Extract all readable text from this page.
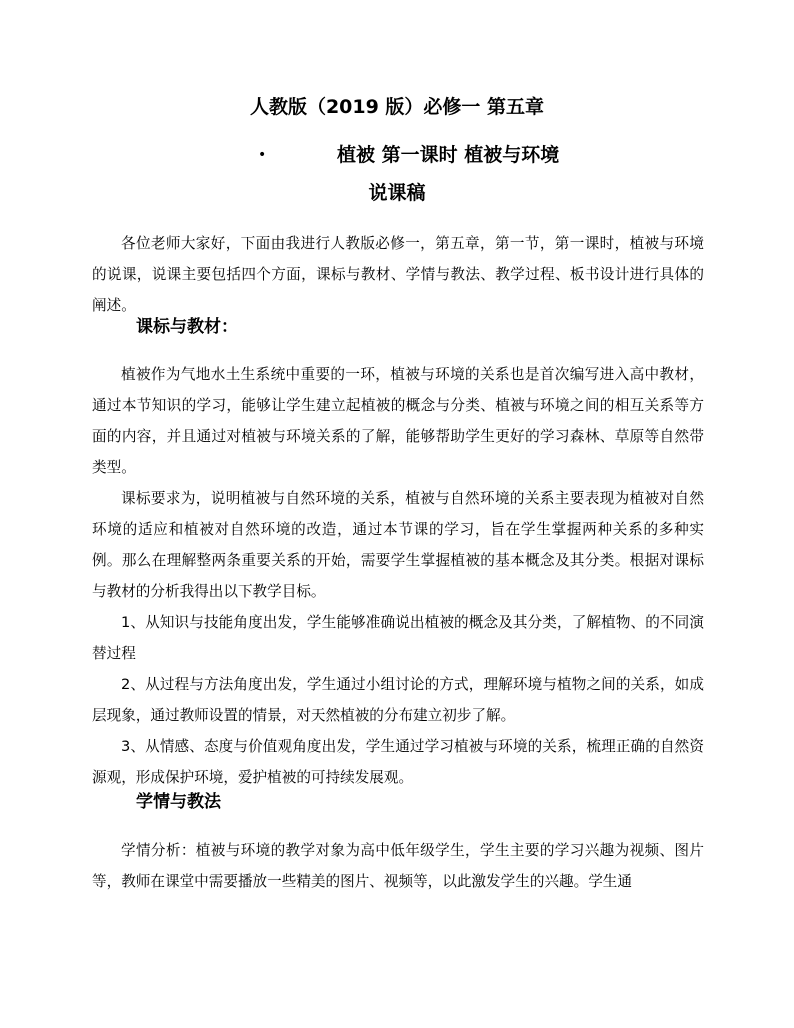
人教版（2019 版）必修一 第五章
•	植被 第一课时 植被与环境
说课稿

各位老师大家好，下面由我进行人教版必修一，第五章，第一节，第一课时，植被与环境的说课，说课主要包括四个方面，课标与教材、学情与教法、教学过程、板书设计进行具体的阐述。

课标与教材：

植被作为气地水土生系统中重要的一环，植被与环境的关系也是首次编写进入高中教材，通过本节知识的学习，能够让学生建立起植被的概念与分类、植被与环境之间的相互关系等方面的内容，并且通过对植被与环境关系的了解，能够帮助学生更好的学习森林、草原等自然带类型。

课标要求为，说明植被与自然环境的关系，植被与自然环境的关系主要表现为植被对自然环境的适应和植被对自然环境的改造，通过本节课的学习，旨在学生掌握两种关系的多种实例。那么在理解整两条重要关系的开始，需要学生掌握植被的基本概念及其分类。根据对课标与教材的分析我得出以下教学目标。

1、从知识与技能角度出发，学生能够准确说出植被的概念及其分类，了解植物、的不同演替过程

2、从过程与方法角度出发，学生通过小组讨论的方式，理解环境与植物之间的关系，如成层现象，通过教师设置的情景，对天然植被的分布建立初步了解。

3、从情感、态度与价值观角度出发，学生通过学习植被与环境的关系，梳理正确的自然资源观，形成保护环境，爱护植被的可持续发展观。

学情与教法

学情分析：植被与环境的教学对象为高中低年级学生，学生主要的学习兴趣为视频、图片等，教师在课堂中需要播放一些精美的图片、视频等，以此激发学生的兴趣。学生通
